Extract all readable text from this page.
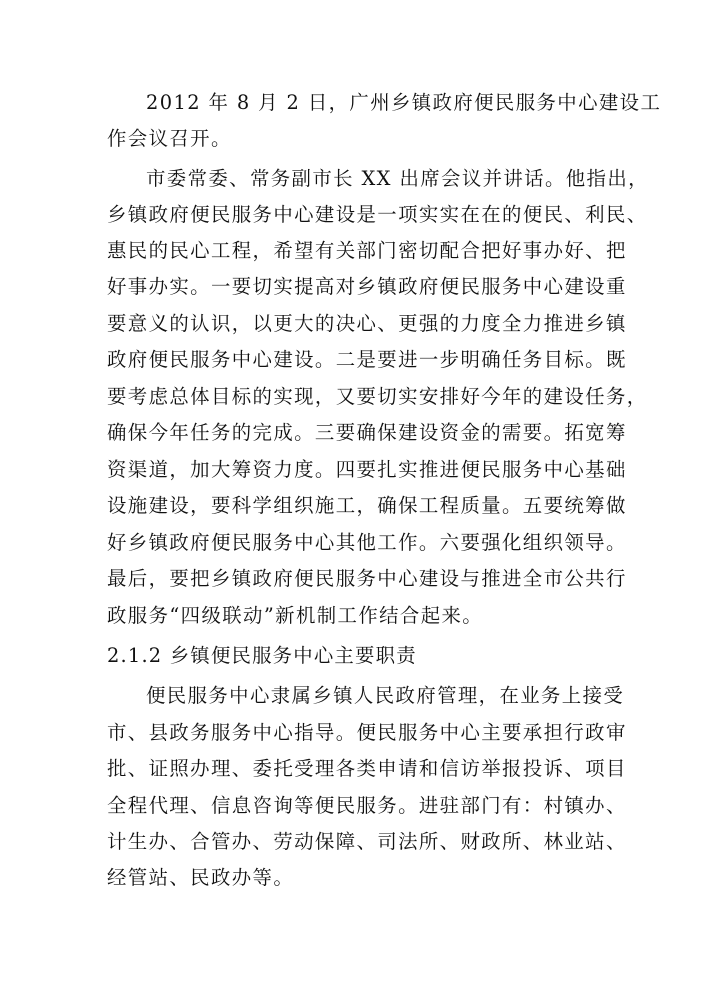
2012 年 8 月 2 日，广州乡镇政府便民服务中心建设工
作会议召开。
市委常委、常务副市长 XX 出席会议并讲话。他指出，
乡镇政府便民服务中心建设是一项实实在在的便民、利民、
惠民的民心工程，希望有关部门密切配合把好事办好、把
好事办实。一要切实提高对乡镇政府便民服务中心建设重
要意义的认识，以更大的决心、更强的力度全力推进乡镇
政府便民服务中心建设。二是要进一步明确任务目标。既
要考虑总体目标的实现，又要切实安排好今年的建设任务，
确保今年任务的完成。三要确保建设资金的需要。拓宽筹
资渠道，加大筹资力度。四要扎实推进便民服务中心基础
设施建设，要科学组织施工，确保工程质量。五要统筹做
好乡镇政府便民服务中心其他工作。六要强化组织领导。
最后，要把乡镇政府便民服务中心建设与推进全市公共行
政服务“四级联动”新机制工作结合起来。
2.1.2 乡镇便民服务中心主要职责
便民服务中心隶属乡镇人民政府管理，在业务上接受
市、县政务服务中心指导。便民服务中心主要承担行政审
批、证照办理、委托受理各类申请和信访举报投诉、项目
全程代理、信息咨询等便民服务。进驻部门有：村镇办、
计生办、合管办、劳动保障、司法所、财政所、林业站、
经管站、民政办等。
